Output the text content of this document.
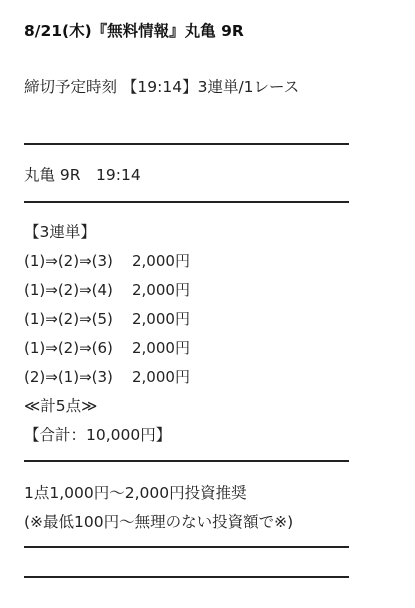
8/21(木)『無料情報』丸亀 9R
締切予定時刻 【19:14】3連単/1レース
丸亀 9R　19:14
【3連単】
(1)⇒(2)⇒(3) 2,000円
(1)⇒(2)⇒(4) 2,000円
(1)⇒(2)⇒(5) 2,000円
(1)⇒(2)⇒(6) 2,000円
(2)⇒(1)⇒(3) 2,000円
≪計5点≫
【合計：10,000円】
1点1,000円～2,000円投資推奨
(※最低100円～無理のない投資額で※)
